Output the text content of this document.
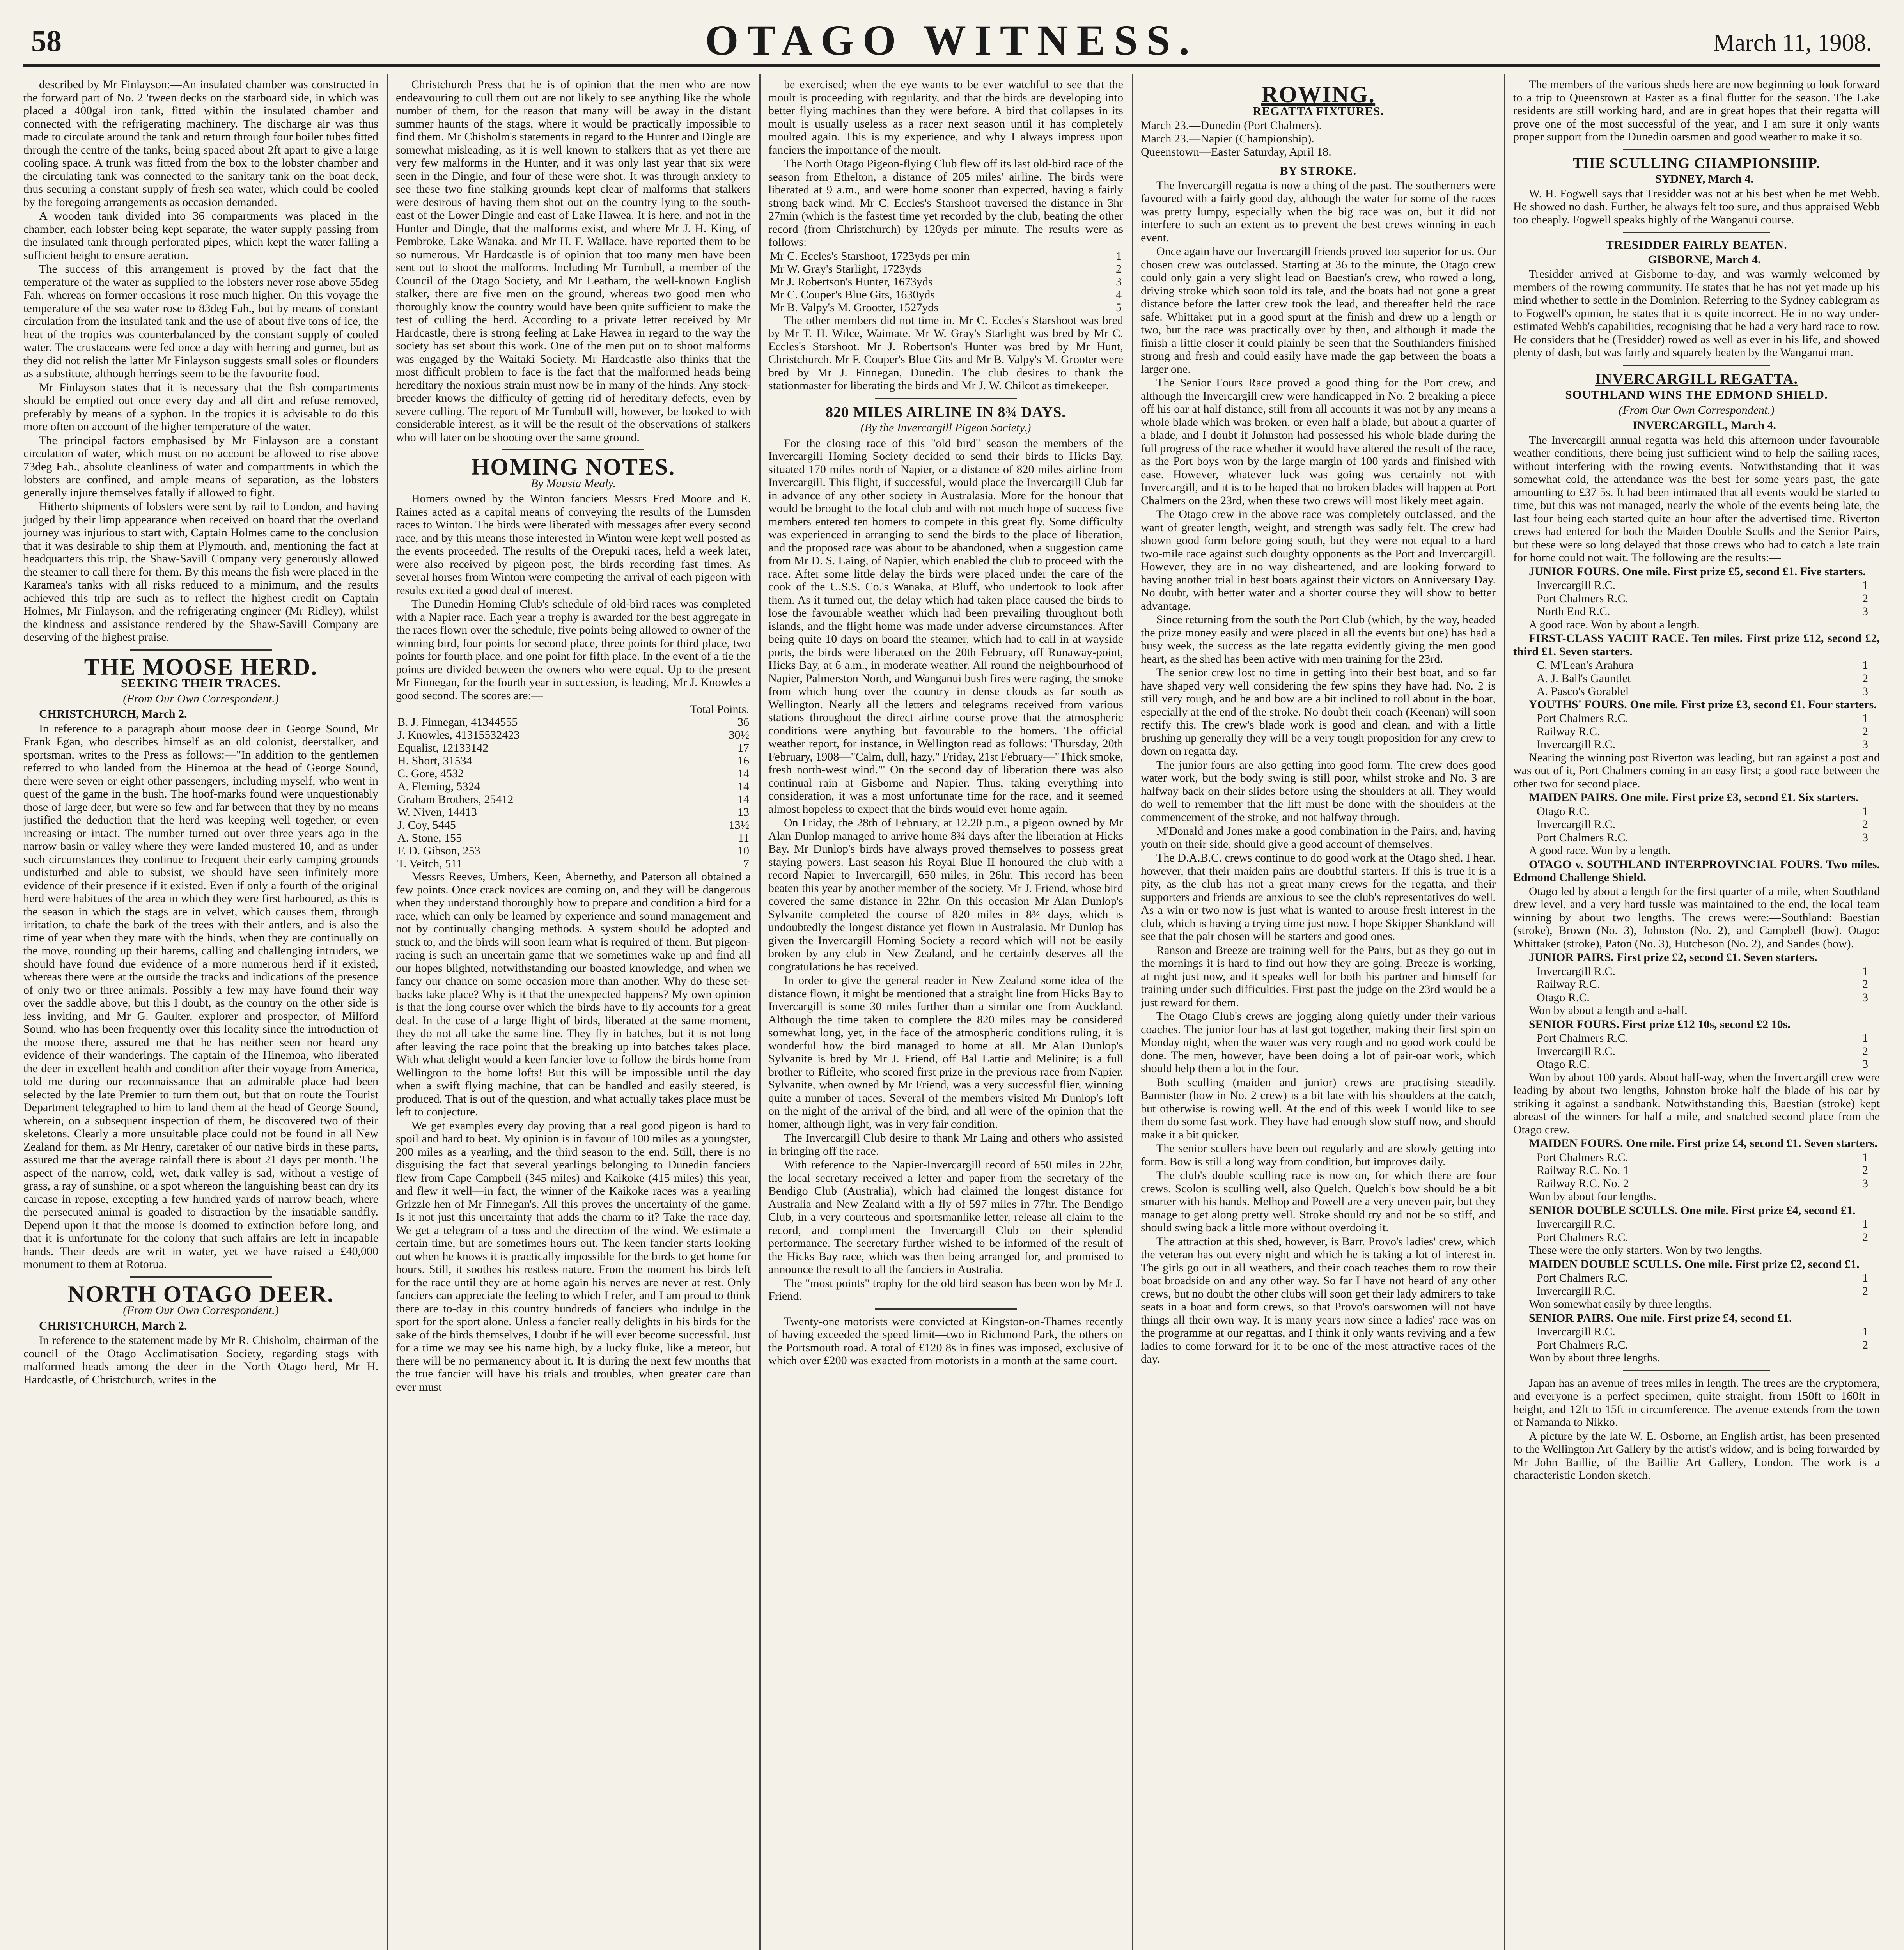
58	OTAGO WITNESS.	March 11, 1908.

described by Mr Finlayson:—An insulated chamber was constructed in the forward part of No. 2 'tween decks on the starboard side, in which was placed a 400gal iron tank, fitted within the insulated chamber and connected with the refrigerating machinery. The discharge air was thus made to circulate around the tank and return through four boiler tubes fitted through the centre of the tanks, being spaced about 2ft apart to give a large cooling space. A trunk was fitted from the box to the lobster chamber and the circulating tank was connected to the sanitary tank on the boat deck, thus securing a constant supply of fresh sea water, which could be cooled by the foregoing arrangements as occasion demanded.

A wooden tank divided into 36 compartments was placed in the chamber, each lobster being kept separate, the water supply passing from the insulated tank through perforated pipes, which kept the water falling a sufficient height to ensure aeration.

The success of this arrangement is proved by the fact that the temperature of the water as supplied to the lobsters never rose above 55deg Fah. whereas on former occasions it rose much higher. On this voyage the temperature of the sea water rose to 83deg Fah., but by means of constant circulation from the insulated tank and the use of about five tons of ice, the heat of the tropics was counterbalanced by the constant supply of cooled water. The crustaceans were fed once a day with herring and gurnet, but as they did not relish the latter Mr Finlayson suggests small soles or flounders as a substitute, although herrings seem to be the favourite food.

Mr Finlayson states that it is necessary that the fish compartments should be emptied out once every day and all dirt and refuse removed, preferably by means of a syphon. In the tropics it is advisable to do this more often on account of the higher temperature of the water.

The principal factors emphasised by Mr Finlayson are a constant circulation of water, which must on no account be allowed to rise above 73deg Fah., absolute cleanliness of water and compartments in which the lobsters are confined, and ample means of separation, as the lobsters generally injure themselves fatally if allowed to fight.

Hitherto shipments of lobsters were sent by rail to London, and having judged by their limp appearance when received on board that the overland journey was injurious to start with, Captain Holmes came to the conclusion that it was desirable to ship them at Plymouth, and, mentioning the fact at headquarters this trip, the Shaw-Savill Company very generously allowed the steamer to call there for them. By this means the fish were placed in the Karamea's tanks with all risks reduced to a minimum, and the results achieved this trip are such as to reflect the highest credit on Captain Holmes, Mr Finlayson, and the refrigerating engineer (Mr Ridley), whilst the kindness and assistance rendered by the Shaw-Savill Company are deserving of the highest praise.

THE MOOSE HERD.
SEEKING THEIR TRACES.
(From Our Own Correspondent.)
CHRISTCHURCH, March 2.

In reference to a paragraph about moose deer in George Sound, Mr Frank Egan, who describes himself as an old colonist, deerstalker, and sportsman, writes to the Press as follows:—"In addition to the gentlemen referred to who landed from the Hinemoa at the head of George Sound, there were seven or eight other passengers, including myself, who went in quest of the game in the bush. The hoof-marks found were unquestionably those of large deer, but were so few and far between that they by no means justified the deduction that the herd was keeping well together, or even increasing or intact. The number turned out over three years ago in the narrow basin or valley where they were landed mustered 10, and as under such circumstances they continue to frequent their early camping grounds undisturbed and able to subsist, we should have seen infinitely more evidence of their presence if it existed. Even if only a fourth of the original herd were habitues of the area in which they were first harboured, as this is the season in which the stags are in velvet, which causes them, through irritation, to chafe the bark of the trees with their antlers, and is also the time of year when they mate with the hinds, when they are continually on the move, rounding up their harems, calling and challenging intruders, we should have found due evidence of a more numerous herd if it existed, whereas there were at the outside the tracks and indications of the presence of only two or three animals. Possibly a few may have found their way over the saddle above, but this I doubt, as the country on the other side is less inviting, and Mr G. Gaulter, explorer and prospector, of Milford Sound, who has been frequently over this locality since the introduction of the moose there, assured me that he has neither seen nor heard any evidence of their wanderings. The captain of the Hinemoa, who liberated the deer in excellent health and condition after their voyage from America, told me during our reconnaissance that an admirable place had been selected by the late Premier to turn them out, but that on route the Tourist Department telegraphed to him to land them at the head of George Sound, wherein, on a subsequent inspection of them, he discovered two of their skeletons. Clearly a more unsuitable place could not be found in all New Zealand for them, as Mr Henry, caretaker of our native birds in these parts, assured me that the average rainfall there is about 21 days per month. The aspect of the narrow, cold, wet, dark valley is sad, without a vestige of grass, a ray of sunshine, or a spot whereon the languishing beast can dry its carcase in repose, excepting a few hundred yards of narrow beach, where the persecuted animal is goaded to distraction by the insatiable sandfly. Depend upon it that the moose is doomed to extinction before long, and that it is unfortunate for the colony that such affairs are left in incapable hands. Their deeds are writ in water, yet we have raised a £40,000 monument to them at Rotorua.

NORTH OTAGO DEER.
(From Our Own Correspondent.)
CHRISTCHURCH, March 2.

In reference to the statement made by Mr R. Chisholm, chairman of the council of the Otago Acclimatisation Society, regarding stags with malformed heads among the deer in the North Otago herd, Mr H. Hardcastle, of Christchurch, writes in the

Christchurch Press that he is of opinion that the men who are now endeavouring to cull them out are not likely to see anything like the whole number of them, for the reason that many will be away in the distant summer haunts of the stags, where it would be practically impossible to find them. Mr Chisholm's statements in regard to the Hunter and Dingle are somewhat misleading, as it is well known to stalkers that as yet there are very few malforms in the Hunter, and it was only last year that six were seen in the Dingle, and four of these were shot. It was through anxiety to see these two fine stalking grounds kept clear of malforms that stalkers were desirous of having them shot out on the country lying to the south-east of the Lower Dingle and east of Lake Hawea. It is here, and not in the Hunter and Dingle, that the malforms exist, and where Mr J. H. King, of Pembroke, Lake Wanaka, and Mr H. F. Wallace, have reported them to be so numerous. Mr Hardcastle is of opinion that too many men have been sent out to shoot the malforms. Including Mr Turnbull, a member of the Council of the Otago Society, and Mr Leatham, the well-known English stalker, there are five men on the ground, whereas two good men who thoroughly know the country would have been quite sufficient to make the test of culling the herd. According to a private letter received by Mr Hardcastle, there is strong feeling at Lake Hawea in regard to the way the society has set about this work. One of the men put on to shoot malforms was engaged by the Waitaki Society. Mr Hardcastle also thinks that the most difficult problem to face is the fact that the malformed heads being hereditary the noxious strain must now be in many of the hinds. Any stock-breeder knows the difficulty of getting rid of hereditary defects, even by severe culling. The report of Mr Turnbull will, however, be looked to with considerable interest, as it will be the result of the observations of stalkers who will later on be shooting over the same ground.

HOMING NOTES.
By Mausta Mealy.

Homers owned by the Winton fanciers Messrs Fred Moore and E. Raines acted as a capital means of conveying the results of the Lumsden races to Winton. The birds were liberated with messages after every second race, and by this means those interested in Winton were kept well posted as the events proceeded. The results of the Orepuki races, held a week later, were also received by pigeon post, the birds recording fast times. As several horses from Winton were competing the arrival of each pigeon with results excited a good deal of interest.

The Dunedin Homing Club's schedule of old-bird races was completed with a Napier race. Each year a trophy is awarded for the best aggregate in the races flown over the schedule, five points being allowed to owner of the winning bird, four points for second place, three points for third place, two points for fourth place, and one point for fifth place. In the event of a tie the points are divided between the owners who were equal. Up to the present Mr Finnegan, for the fourth year in succession, is leading, Mr J. Knowles a good second. The scores are:—

	Total Points.
B. J. Finnegan, 41344555	36
J. Knowles, 41315532423	30½
Equalist, 12133142	17
H. Short, 31534	16
C. Gore, 4532	14
A. Fleming, 5324	14
Graham Brothers, 25412	14
W. Niven, 14413	13
J. Coy, 5445	13½
A. Stone, 155	11
F. D. Gibson, 253	10
T. Veitch, 511	7

Messrs Reeves, Umbers, Keen, Abernethy, and Paterson all obtained a few points. Once crack novices are coming on, and they will be dangerous when they understand thoroughly how to prepare and condition a bird for a race, which can only be learned by experience and sound management and not by continually changing methods. A system should be adopted and stuck to, and the birds will soon learn what is required of them. But pigeon-racing is such an uncertain game that we sometimes wake up and find all our hopes blighted, notwithstanding our boasted knowledge, and when we fancy our chance on some occasion more than another. Why do these set-backs take place? Why is it that the unexpected happens? My own opinion is that the long course over which the birds have to fly accounts for a great deal. In the case of a large flight of birds, liberated at the same moment, they do not all take the same line. They fly in batches, but it is not long after leaving the race point that the breaking up into batches takes place. With what delight would a keen fancier love to follow the birds home from Wellington to the home lofts! But this will be impossible until the day when a swift flying machine, that can be handled and easily steered, is produced. That is out of the question, and what actually takes place must be left to conjecture.

We get examples every day proving that a real good pigeon is hard to spoil and hard to beat. My opinion is in favour of 100 miles as a youngster, 200 miles as a yearling, and the third season to the end. Still, there is no disguising the fact that several yearlings belonging to Dunedin fanciers flew from Cape Campbell (345 miles) and Kaikoke (415 miles) this year, and flew it well—in fact, the winner of the Kaikoke races was a yearling Grizzle hen of Mr Finnegan's. All this proves the uncertainty of the game. Is it not just this uncertainty that adds the charm to it? Take the race day. We get a telegram of a toss and the direction of the wind. We estimate a certain time, but are sometimes hours out. The keen fancier starts looking out when he knows it is practically impossible for the birds to get home for hours. Still, it soothes his restless nature. From the moment his birds left for the race until they are at home again his nerves are never at rest. Only fanciers can appreciate the feeling to which I refer, and I am proud to think there are to-day in this country hundreds of fanciers who indulge in the sport for the sport alone. Unless a fancier really delights in his birds for the sake of the birds themselves, I doubt if he will ever become successful. Just for a time we may see his name high, by a lucky fluke, like a meteor, but there will be no permanency about it. It is during the next few months that the true fancier will have his trials and troubles, when greater care than ever must

be exercised; when the eye wants to be ever watchful to see that the moult is proceeding with regularity, and that the birds are developing into better flying machines than they were before. A bird that collapses in its moult is usually useless as a racer next season until it has completely moulted again. This is my experience, and why I always impress upon fanciers the importance of the moult.

The North Otago Pigeon-flying Club flew off its last old-bird race of the season from Ethelton, a distance of 205 miles' airline. The birds were liberated at 9 a.m., and were home sooner than expected, having a fairly strong back wind. Mr C. Eccles's Starshoot traversed the distance in 3hr 27min (which is the fastest time yet recorded by the club, beating the other record (from Christchurch) by 120yds per minute. The results were as follows:—

Mr C. Eccles's Starshoot, 1723yds per min	1
Mr W. Gray's Starlight, 1723yds	2
Mr J. Robertson's Hunter, 1673yds	3
Mr C. Couper's Blue Gits, 1630yds	4
Mr B. Valpy's M. Grootter, 1527yds	5

The other members did not time in. Mr C. Eccles's Starshoot was bred by Mr T. H. Wilce, Waimate. Mr W. Gray's Starlight was bred by Mr C. Eccles's Starshoot. Mr J. Robertson's Hunter was bred by Mr Hunt, Christchurch. Mr F. Couper's Blue Gits and Mr B. Valpy's M. Grooter were bred by Mr J. Finnegan, Dunedin. The club desires to thank the stationmaster for liberating the birds and Mr J. W. Chilcot as timekeeper.

820 MILES AIRLINE IN 8¾ DAYS.
(By the Invercargill Pigeon Society.)

For the closing race of this "old bird" season the members of the Invercargill Homing Society decided to send their birds to Hicks Bay, situated 170 miles north of Napier, or a distance of 820 miles airline from Invercargill. This flight, if successful, would place the Invercargill Club far in advance of any other society in Australasia. More for the honour that would be brought to the local club and with not much hope of success five members entered ten homers to compete in this great fly. Some difficulty was experienced in arranging to send the birds to the place of liberation, and the proposed race was about to be abandoned, when a suggestion came from Mr D. S. Laing, of Napier, which enabled the club to proceed with the race. After some little delay the birds were placed under the care of the cook of the U.S.S. Co.'s Wanaka, at Bluff, who undertook to look after them. As it turned out, the delay which had taken place caused the birds to lose the favourable weather which had been prevailing throughout both islands, and the flight home was made under adverse circumstances. After being quite 10 days on board the steamer, which had to call in at wayside ports, the birds were liberated on the 20th February, off Runaway-point, Hicks Bay, at 6 a.m., in moderate weather. All round the neighbourhood of Napier, Palmerston North, and Wanganui bush fires were raging, the smoke from which hung over the country in dense clouds as far south as Wellington. Nearly all the letters and telegrams received from various stations throughout the direct airline course prove that the atmospheric conditions were anything but favourable to the homers. The official weather report, for instance, in Wellington read as follows: 'Thursday, 20th February, 1908—"Calm, dull, hazy." Friday, 21st February—"Thick smoke, fresh north-west wind."' On the second day of liberation there was also continual rain at Gisborne and Napier. Thus, taking everything into consideration, it was a most unfortunate time for the race, and it seemed almost hopeless to expect that the birds would ever home again.

On Friday, the 28th of February, at 12.20 p.m., a pigeon owned by Mr Alan Dunlop managed to arrive home 8¾ days after the liberation at Hicks Bay. Mr Dunlop's birds have always proved themselves to possess great staying powers. Last season his Royal Blue II honoured the club with a record Napier to Invercargill, 650 miles, in 26hr. This record has been beaten this year by another member of the society, Mr J. Friend, whose bird covered the same distance in 22hr. On this occasion Mr Alan Dunlop's Sylvanite completed the course of 820 miles in 8¾ days, which is undoubtedly the longest distance yet flown in Australasia. Mr Dunlop has given the Invercargill Homing Society a record which will not be easily broken by any club in New Zealand, and he certainly deserves all the congratulations he has received.

In order to give the general reader in New Zealand some idea of the distance flown, it might be mentioned that a straight line from Hicks Bay to Invercargill is some 30 miles further than a similar one from Auckland. Although the time taken to complete the 820 miles may be considered somewhat long, yet, in the face of the atmospheric conditions ruling, it is wonderful how the bird managed to home at all. Mr Alan Dunlop's Sylvanite is bred by Mr J. Friend, off Bal Lattie and Melinite; is a full brother to Rifleite, who scored first prize in the previous race from Napier. Sylvanite, when owned by Mr Friend, was a very successful flier, winning quite a number of races. Several of the members visited Mr Dunlop's loft on the night of the arrival of the bird, and all were of the opinion that the homer, although light, was in very fair condition.

The Invercargill Club desire to thank Mr Laing and others who assisted in bringing off the race.

With reference to the Napier-Invercargill record of 650 miles in 22hr, the local secretary received a letter and paper from the secretary of the Bendigo Club (Australia), which had claimed the longest distance for Australia and New Zealand with a fly of 597 miles in 77hr. The Bendigo Club, in a very courteous and sportsmanlike letter, release all claim to the record, and compliment the Invercargill Club on their splendid performance. The secretary further wished to be informed of the result of the Hicks Bay race, which was then being arranged for, and promised to announce the result to all the fanciers in Australia.

The "most points" trophy for the old bird season has been won by Mr J. Friend.

Twenty-one motorists were convicted at Kingston-on-Thames recently of having exceeded the speed limit—two in Richmond Park, the others on the Portsmouth road. A total of £120 8s in fines was imposed, exclusive of which over £200 was exacted from motorists in a month at the same court.

ROWING.
REGATTA FIXTURES.
March 23.—Dunedin (Port Chalmers).
March 23.—Napier (Championship).
Queenstown—Easter Saturday, April 18.
BY STROKE.

The Invercargill regatta is now a thing of the past. The southerners were favoured with a fairly good day, although the water for some of the races was pretty lumpy, especially when the big race was on, but it did not interfere to such an extent as to prevent the best crews winning in each event.

Once again have our Invercargill friends proved too superior for us. Our chosen crew was outclassed. Starting at 36 to the minute, the Otago crew could only gain a very slight lead on Baestian's crew, who rowed a long, driving stroke which soon told its tale, and the boats had not gone a great distance before the latter crew took the lead, and thereafter held the race safe. Whittaker put in a good spurt at the finish and drew up a length or two, but the race was practically over by then, and although it made the finish a little closer it could plainly be seen that the Southlanders finished strong and fresh and could easily have made the gap between the boats a larger one.

The Senior Fours Race proved a good thing for the Port crew, and although the Invercargill crew were handicapped in No. 2 breaking a piece off his oar at half distance, still from all accounts it was not by any means a whole blade which was broken, or even half a blade, but about a quarter of a blade, and I doubt if Johnston had possessed his whole blade during the full progress of the race whether it would have altered the result of the race, as the Port boys won by the large margin of 100 yards and finished with ease. However, whatever luck was going was certainly not with Invercargill, and it is to be hoped that no broken blades will happen at Port Chalmers on the 23rd, when these two crews will most likely meet again.

The Otago crew in the above race was completely outclassed, and the want of greater length, weight, and strength was sadly felt. The crew had shown good form before going south, but they were not equal to a hard two-mile race against such doughty opponents as the Port and Invercargill. However, they are in no way disheartened, and are looking forward to having another trial in best boats against their victors on Anniversary Day. No doubt, with better water and a shorter course they will show to better advantage.

Since returning from the south the Port Club (which, by the way, headed the prize money easily and were placed in all the events but one) has had a busy week, the success as the late regatta evidently giving the men good heart, as the shed has been active with men training for the 23rd.

The senior crew lost no time in getting into their best boat, and so far have shaped very well considering the few spins they have had. No. 2 is still very rough, and he and bow are a bit inclined to roll about in the boat, especially at the end of the stroke. No doubt their coach (Keenan) will soon rectify this. The crew's blade work is good and clean, and with a little brushing up generally they will be a very tough proposition for any crew to down on regatta day.

The junior fours are also getting into good form. The crew does good water work, but the body swing is still poor, whilst stroke and No. 3 are halfway back on their slides before using the shoulders at all. They would do well to remember that the lift must be done with the shoulders at the commencement of the stroke, and not halfway through.

M'Donald and Jones make a good combination in the Pairs, and, having youth on their side, should give a good account of themselves.

The D.A.B.C. crews continue to do good work at the Otago shed. I hear, however, that their maiden pairs are doubtful starters. If this is true it is a pity, as the club has not a great many crews for the regatta, and their supporters and friends are anxious to see the club's representatives do well. As a win or two now is just what is wanted to arouse fresh interest in the club, which is having a trying time just now. I hope Skipper Shankland will see that the pair chosen will be starters and good ones.

Ranson and Breeze are training well for the Pairs, but as they go out in the mornings it is hard to find out how they are going. Breeze is working, at night just now, and it speaks well for both his partner and himself for training under such difficulties. First past the judge on the 23rd would be a just reward for them.

The Otago Club's crews are jogging along quietly under their various coaches. The junior four has at last got together, making their first spin on Monday night, when the water was very rough and no good work could be done. The men, however, have been doing a lot of pair-oar work, which should help them a lot in the four.

Both sculling (maiden and junior) crews are practising steadily. Bannister (bow in No. 2 crew) is a bit late with his shoulders at the catch, but otherwise is rowing well. At the end of this week I would like to see them do some fast work. They have had enough slow stuff now, and should make it a bit quicker.

The senior scullers have been out regularly and are slowly getting into form. Bow is still a long way from condition, but improves daily.

The club's double sculling race is now on, for which there are four crews. Scolon is sculling well, also Quelch. Quelch's bow should be a bit smarter with his hands. Melhop and Powell are a very uneven pair, but they manage to get along pretty well. Stroke should try and not be so stiff, and should swing back a little more without overdoing it.

The attraction at this shed, however, is Barr. Provo's ladies' crew, which the veteran has out every night and which he is taking a lot of interest in. The girls go out in all weathers, and their coach teaches them to row their boat broadside on and any other way. So far I have not heard of any other crews, but no doubt the other clubs will soon get their lady admirers to take seats in a boat and form crews, so that Provo's oarswomen will not have things all their own way. It is many years now since a ladies' race was on the programme at our regattas, and I think it only wants reviving and a few ladies to come forward for it to be one of the most attractive races of the day.

The members of the various sheds here are now beginning to look forward to a trip to Queenstown at Easter as a final flutter for the season. The Lake residents are still working hard, and are in great hopes that their regatta will prove one of the most successful of the year, and I am sure it only wants proper support from the Dunedin oarsmen and good weather to make it so.

THE SCULLING CHAMPIONSHIP.
SYDNEY, March 4.

W. H. Fogwell says that Tresidder was not at his best when he met Webb. He showed no dash. Further, he always felt too sure, and thus appraised Webb too cheaply. Fogwell speaks highly of the Wanganui course.

TRESIDDER FAIRLY BEATEN.
GISBORNE, March 4.

Tresidder arrived at Gisborne to-day, and was warmly welcomed by members of the rowing community. He states that he has not yet made up his mind whether to settle in the Dominion. Referring to the Sydney cablegram as to Fogwell's opinion, he states that it is quite incorrect. He in no way under-estimated Webb's capabilities, recognising that he had a very hard race to row. He considers that he (Tresidder) rowed as well as ever in his life, and showed plenty of dash, but was fairly and squarely beaten by the Wanganui man.

INVERCARGILL REGATTA.
SOUTHLAND WINS THE EDMOND SHIELD.
(From Our Own Correspondent.)
INVERCARGILL, March 4.

The Invercargill annual regatta was held this afternoon under favourable weather conditions, there being just sufficient wind to help the sailing races, without interfering with the rowing events. Notwithstanding that it was somewhat cold, the attendance was the best for some years past, the gate amounting to £37 5s. It had been intimated that all events would be started to time, but this was not managed, nearly the whole of the events being late, the last four being each started quite an hour after the advertised time. Riverton crews had entered for both the Maiden Double Sculls and the Senior Pairs, but these were so long delayed that those crews who had to catch a late train for home could not wait. The following are the results:—

JUNIOR FOURS. One mile. First prize £5, second £1. Five starters.

Invercargill R.C.	1
Port Chalmers R.C.	2
North End R.C.	3

A good race. Won by about a length.

FIRST-CLASS YACHT RACE. Ten miles. First prize £12, second £2, third £1. Seven starters.

C. M'Lean's Arahura	1
A. J. Ball's Gauntlet	2
A. Pasco's Gorablel	3

YOUTHS' FOURS. One mile. First prize £3, second £1. Four starters.

Port Chalmers R.C.	1
Railway R.C.	2
Invercargill R.C.	3

Nearing the winning post Riverton was leading, but ran against a post and was out of it, Port Chalmers coming in an easy first; a good race between the other two for second place.

MAIDEN PAIRS. One mile. First prize £3, second £1. Six starters.

Otago R.C.	1
Invercargill R.C.	2
Port Chalmers R.C.	3

A good race. Won by a length.

OTAGO v. SOUTHLAND INTERPROVINCIAL FOURS. Two miles. Edmond Challenge Shield.

Otago led by about a length for the first quarter of a mile, when Southland drew level, and a very hard tussle was maintained to the end, the local team winning by about two lengths. The crews were:—Southland: Baestian (stroke), Brown (No. 3), Johnston (No. 2), and Campbell (bow). Otago: Whittaker (stroke), Paton (No. 3), Hutcheson (No. 2), and Sandes (bow).

JUNIOR PAIRS. First prize £2, second £1. Seven starters.

Invercargill R.C.	1
Railway R.C.	2
Otago R.C.	3

Won by about a length and a-half.

SENIOR FOURS. First prize £12 10s, second £2 10s.

Port Chalmers R.C.	1
Invercargill R.C.	2
Otago R.C.	3

Won by about 100 yards. About half-way, when the Invercargill crew were leading by about two lengths, Johnston broke half the blade of his oar by striking it against a sandbank. Notwithstanding this, Baestian (stroke) kept abreast of the winners for half a mile, and snatched second place from the Otago crew.

MAIDEN FOURS. One mile. First prize £4, second £1. Seven starters.

Port Chalmers R.C.	1
Railway R.C. No. 1	2
Railway R.C. No. 2	3

Won by about four lengths.

SENIOR DOUBLE SCULLS. One mile. First prize £4, second £1.

Invercargill R.C.	1
Port Chalmers R.C.	2

These were the only starters. Won by two lengths.

MAIDEN DOUBLE SCULLS. One mile. First prize £2, second £1.

Port Chalmers R.C.	1
Invercargill R.C.	2

Won somewhat easily by three lengths.

SENIOR PAIRS. One mile. First prize £4, second £1.

Invercargill R.C.	1
Port Chalmers R.C.	2

Won by about three lengths.

Japan has an avenue of trees miles in length. The trees are the cryptomera, and everyone is a perfect specimen, quite straight, from 150ft to 160ft in height, and 12ft to 15ft in circumference. The avenue extends from the town of Namanda to Nikko.

A picture by the late W. E. Osborne, an English artist, has been presented to the Wellington Art Gallery by the artist's widow, and is being forwarded by Mr John Baillie, of the Baillie Art Gallery, London. The work is a characteristic London sketch.
